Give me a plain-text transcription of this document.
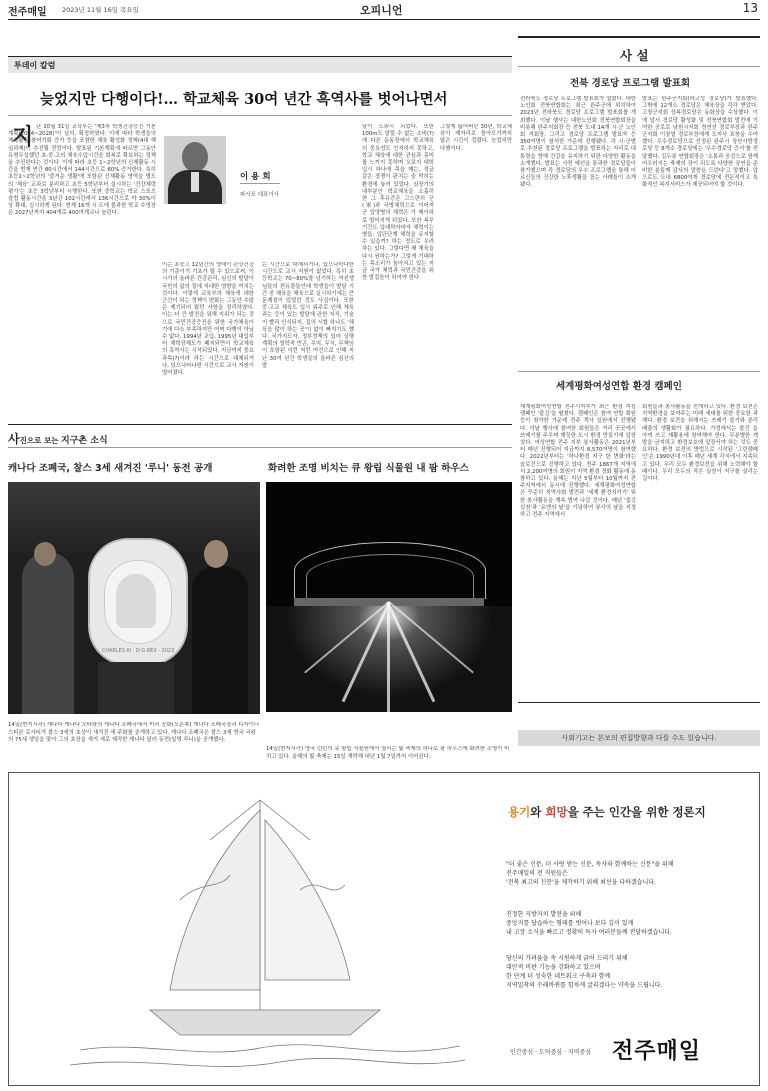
전주매일 2023년 11월 16일 목요일	오피니언	13
투데이 칼럼
늦었지만 다행이다!… 학교체육 30여 년간 흑역사를 벗어나면서
이 용 희
파시포 대표이사
지 난 10월 31일 교육부는 '제3차 학생건강증진 기본계획(2024~2028)'이 심의, 확정하였다. 이에 따라 학생들의 체육활동 참여기회 증가 등을 포함한 체육 활성화 정책(4대 핵심과제)이 추진될 전망이다. 발표된 기본계획에 따르면 그동안 유명무실했던 초·중·고의 체육수업시간을 회복로 확보하는 정책을 추진한다는 것이다. 이에 따라 초등 1~2학년의 신체활동 시간을 현재 연간 80시간에서 144시간으로 80% 증가한다. 특히 초등1~2학년의 '즐거운 생활'에 포함된 신체활동 영역을 별도의 '체육' 교과로 분리하고 초등 5학년부터 실시하는 '건강체력평가'는 초등 3학년부터 시행한다. 또한 중학교는 학교 스포츠클럽 활동시간을 3년간 102시간에서 136시간으로 약 30%이상 확대, 실시하게 된다. 현재 16개 시·도에 불과한 학교 수영장은 2027년까지 404개로 400여개교나 늘린다.
이는 초중고 12년간의 생애이 관상건강의 기준이기 기초가 될 수 있으로써, 이 시기의 올바른 건강관리, 심신의 발달이 국민의 삶의 질에 지대한 영향을 끼치는 것이다. 이렇게 교육부의 체육에 대한 근간이 되는 정책이 변화는 그동안 수많은 제기되어 왔던 사항을 정리하였다. 이는 더 큰 발전을 위해 지위가 되는 것으로 국민건강증진을 위한 국가체육이기에 다소 부족하지만 어찌 다행이 아닐 수 없다. 1994년 교입, 1995년 대입부터 체력장제도가 폐지되면서 학교체육의 흑역사는 시작되었다. 지금까지 중요과목(?)이라 하는 시간으로 대체되거나, 있으나마나한 시간으로 교사 지원이 떨어졌다.
는 시간으로 대체되거나, 있으나마나한 시간으로 교사 지원이 없었다. 특히 초등학교는 70~80%를 넘기하는 여선생님들의 전유물들인데 학생들이 발달 기간 중 체육을 체육으로 실시하기에는 큰 문제점이 있었던 것도 사실이다. 또한 중·고교 체육도 입시 위주로 인해 체육과는 등이 있는 발달에 관한 지식, 기술이 빨리 인식되지, 질의 시합 하나도 '체육을 많이 하는 곳'이 없이 빠지기도 했다. 국가지도자, 정부정책의 있어 실행계획의 철학적 빈곤, 무지, 무식, 무책임이 포함된 이런 저런 여건으로 인해 지난 30여 년간 학생들의 올바른 심신의 발
달이 도외시 되었다. 또한 100m도 달릴 수 없는 소비(?)에 다른 운동장에서 학교체육의 중요성도 인지하지 못하고, 학교 체육에 대한 관심과 흥미를 느끼지 못하며 오로지 대학입시 하나에 목을 매는, 정글 같은 경쟁이 판치는 숨 막히는 환경에 놓여 있었다. 심장기의 대부분인 학교체육을 소홀히 한 그 후유증은 고스란히 군(軍)과 국방체력으로 이어져 군 입영병의 체력은 가 매이하로 떨어지게 되었다. 또한 복무기간도 입대하자마자 체력이는 병들, 입단단계 체력을 유지할 수 있을까? 하는 정도로 우려하는 있다. 그렇다면 왜 체육을 다시 원하는가? 그렇게 기대하는 목소리가 높아지고 있는 지금 국가 체력과 국민건강을 위한 발걸음이 되어야 한다.
그렇게 잃어버린 30년, 학교체육이 제자리로 돌아오기까지 많은 시간이 걸렸다. 늦었지만 다행이다.
사 설
전북 경로당 프로그램 발표회
전라북도 경로당 프로그램 발표회가 열렸다. 대한노인회 전북연합회는 최근 완주군에 위치하여 2023년 전라북도 경로당 프로그램 발표회를 개최했다. 이날 행사는 대한노인회 전북연합회장을 비롯해 완주지회장 등 전북 도내 14개 시·군 노인회 지회장, 그리고 경로당 프로그램 발표자 등 350여명이 참석한 가운데 진행됐다. 각 시·군별로 추천된 경로당 프로그램을 발표하는 자리로 대통령을 향해 건강을 유지하기 위한 다양한 활동을 소개했다. 발표는 사전 예선을 통과한 경로당들이 참가했으며 각 경로당의 우수 프로그램을 통해 어르신들의 건강한 노후생활을 돕는 사례들이 소개됐다.
발표는 완주군지회(하고성 경로당)가 발표했다. 그밖에 12개소 경로당은 체육상을 각각 받았다. 고창군지회 상복경로당은 동화상을 수상했다. 이에 앞서 경로당 활성화 및 전북연합회 발전에 기여한 공로로 남원시지회 정연선 경로부장과 완주군지회 이창열 경로부장에게 도지사 표창을 수여했다. 우수경로당으로 선정된 완주시 상산사랑경로당 등 8개소 경로당에는 '우수경로당 증서'를 전달했다. 김두봉 연합회장은 '소통과 공감으로 함께 어우러지는 축제의 장이 되도록 다양한 공연을 준비한 분들께 감사의 말씀을 드린다'고 말했다. 앞으로도 도내 6800여개 경로당에 전문적이고 특화적인 복지서비스가 제공되어야 할 것이다.
세계평화여성연합 환경 캠페인
세계평화여성연합 전주시지부가 최근 환경 지킴 캠페인 '줍깅'을 펼쳤다. 캠페인은 참여 연합 회원 등이 참가한 가운데 전주 객사 일원에서 진행됐다. 이날 행사에 참여한 회원들은 거리 곳곳에서 쓰레기를 주우며 깨끗한 도시 환경 만들기에 앞장섰다. 여성연합 전주 지부 봉사활동은 2021년부터 매년 진행되어 지금까지 8,570여명이 참여했다. 2022년부터는 '하나환경 지구 한 변화'라는 슬로건으로 진행하고 있다. 전주 1867개 지역에서 2,200여명의 회원이 지역 환경 정화 활동에 동참하고 있다. 올해는 지난 5월부터 10월까지 전주지역에서 동시에 진행했다. 세계평화여성연합은 꾸준히 지역사회 발전과 '세계 환경지키기' 위한 봉사활동을 계속 벌여 나갈 것이다. 매년 '줍깅 실천'과 '유엔의 날'을 기념하여 봉사의 날을 지정하고 전주 지역에서
회원들과 봉사활동을 전개하고 있다. 환경 보전은 지역환경을 보여주는 미래 세대를 위한 중요한 과제다. 환경 보전을 위해서는 쓰레기 줍기와 분리 배출의 생활화가 필요하다. 가정에서는 물건 을 아껴 쓰고 재활용에 참여해야 한다. 무분별한 개발을 금지하고 환경보호에 앞장서야 하는 것도 중요하다. 환경 보전의 방법으로 시작된 '그린캠페인'은 1990년대 이후 매년 세계 각지에서 지속되고 있다. 우리 모두 환경보전을 위해 노력해야 할 때이다. 우리 모두의 작은 실천이 지구를 살리는 길이다.
사진으로 보는 지구촌 소식
캐나다 조폐국, 찰스 3세 새겨진 '루니' 동전 공개
CHARLES III · D·G·REX · 2023
14일(현지시각) 캐나다 캐나다 오타와의 캐나다 조폐국에서 미리 공화(오른쪽) 캐나다 조폐국장과 디자이너 스티븐 로사티가 찰스 3세의 초상이 새겨진 새 주화를 공개하고 있다. 캐나다 조폐국은 찰스 3세 영국 국왕의 75세 생일을 맞아 그의 초상을 새겨 새로 제작한 캐나다 달러 동전(일명 루니)을 공개했다.
화려한 조명 비치는 큐 왕립 식물원 내 팜 하우스
14일(현지시각) 영국 런던의 큐 왕립 식물원에서 열리는 빛 축제의 하나로 팜 하우스에 화려한 조명이 비치고 있다. 올해의 빛 축제는 15일 개막해 내년 1월 7일까지 이어진다.
사외기고는 본보의 편집방향과 다를 수도 있습니다.
용기와 희망을 주는 인간을 위한 정론지
"더 좋은 신문, 더 사랑 받는 신문, 독자와 함께하는 신문"을 위해
전주매일의 전 직원들은
'전북 최고의 신문'을 제작하기 위해 최선을 다하겠습니다.
진정한 지방자치 발전을 위해
중앙지를 답습하는 형태를 벗어나 보다 깊이 있게
내 고장 소식을 빠르고 정확히 독자 여러분들께 전달하겠습니다.
당신의 가려움을 속 시원하게 긁어 드리기 위해
대안적 비판 기능을 강화하고 있으며
한 단계 더 성숙한 네트워크 구축과 함께
지역밀착의 수레바퀴를 힘차게 굴리겠다는 약속을 드립니다.
인간중심 · 도덕중심 · 지역중심 전주매일
